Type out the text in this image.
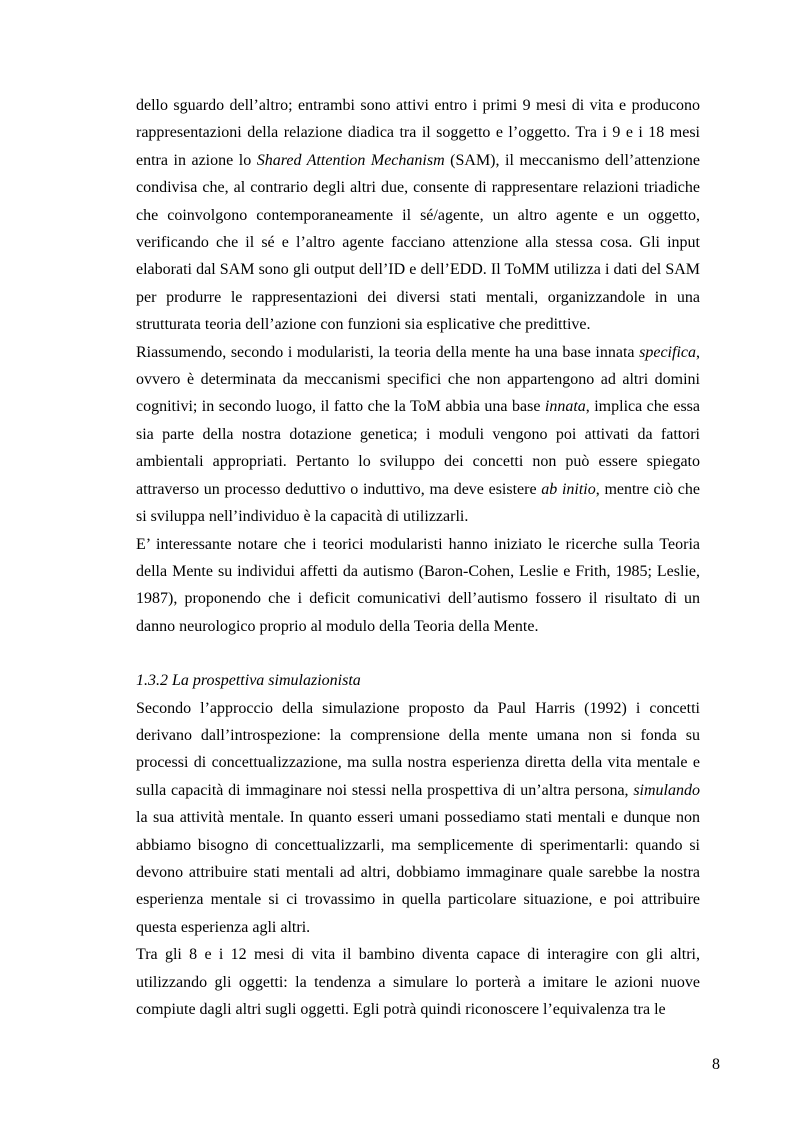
dello sguardo dell’altro; entrambi sono attivi entro i primi 9 mesi di vita e producono rappresentazioni della relazione diadica tra il soggetto e l’oggetto. Tra i 9 e i 18 mesi entra in azione lo Shared Attention Mechanism (SAM), il meccanismo dell’attenzione condivisa che, al contrario degli altri due, consente di rappresentare relazioni triadiche che coinvolgono contemporaneamente il sé/agente, un altro agente e un oggetto, verificando che il sé e l’altro agente facciano attenzione alla stessa cosa. Gli input elaborati dal SAM sono gli output dell’ID e dell’EDD. Il ToMM utilizza i dati del SAM per produrre le rappresentazioni dei diversi stati mentali, organizzandole in una strutturata teoria dell’azione con funzioni sia esplicative che predittive.

Riassumendo, secondo i modularisti, la teoria della mente ha una base innata specifica, ovvero è determinata da meccanismi specifici che non appartengono ad altri domini cognitivi; in secondo luogo, il fatto che la ToM abbia una base innata, implica che essa sia parte della nostra dotazione genetica; i moduli vengono poi attivati da fattori ambientali appropriati. Pertanto lo sviluppo dei concetti non può essere spiegato attraverso un processo deduttivo o induttivo, ma deve esistere ab initio, mentre ciò che si sviluppa nell’individuo è la capacità di utilizzarli.

E’ interessante notare che i teorici modularisti hanno iniziato le ricerche sulla Teoria della Mente su individui affetti da autismo (Baron-Cohen, Leslie e Frith, 1985; Leslie, 1987), proponendo che i deficit comunicativi dell’autismo fossero il risultato di un danno neurologico proprio al modulo della Teoria della Mente.

1.3.2 La prospettiva simulazionista

Secondo l’approccio della simulazione proposto da Paul Harris (1992) i concetti derivano dall’introspezione: la comprensione della mente umana non si fonda su processi di concettualizzazione, ma sulla nostra esperienza diretta della vita mentale e sulla capacità di immaginare noi stessi nella prospettiva di un’altra persona, simulando la sua attività mentale. In quanto esseri umani possediamo stati mentali e dunque non abbiamo bisogno di concettualizzarli, ma semplicemente di sperimentarli: quando si devono attribuire stati mentali ad altri, dobbiamo immaginare quale sarebbe la nostra esperienza mentale si ci trovassimo in quella particolare situazione, e poi attribuire questa esperienza agli altri.

Tra gli 8 e i 12 mesi di vita il bambino diventa capace di interagire con gli altri, utilizzando gli oggetti: la tendenza a simulare lo porterà a imitare le azioni nuove compiute dagli altri sugli oggetti. Egli potrà quindi riconoscere l’equivalenza tra le

8
